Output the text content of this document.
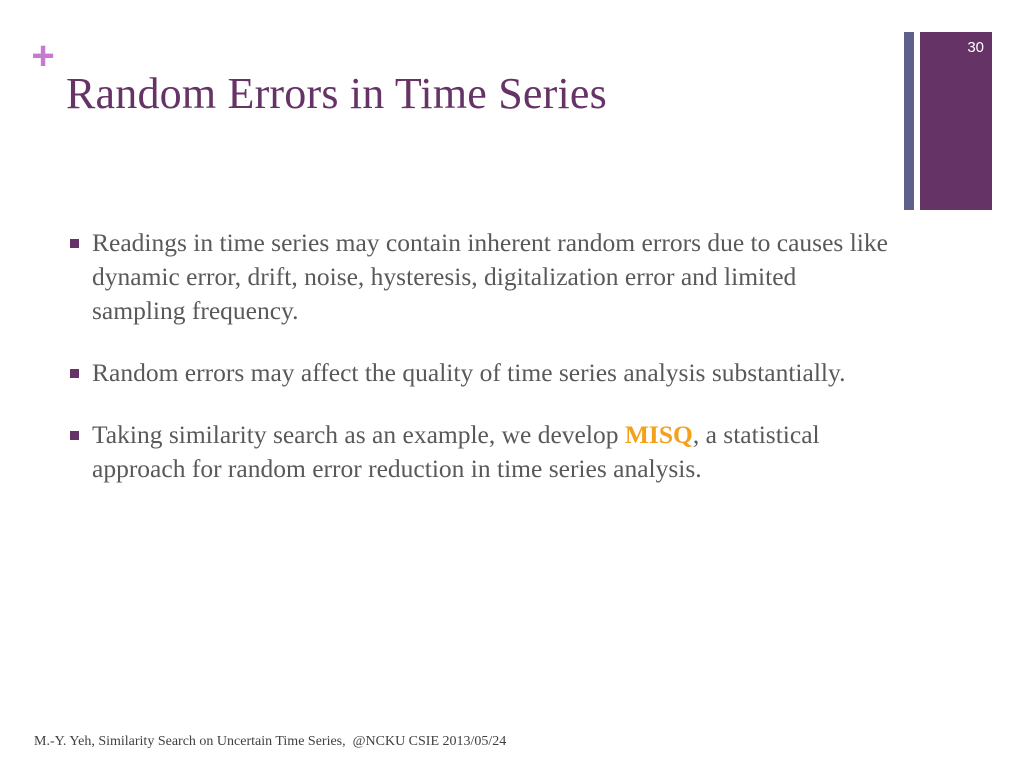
+
Random Errors in Time Series
30
Readings in time series may contain inherent random errors due to causes like dynamic error, drift, noise, hysteresis, digitalization error and limited sampling frequency.
Random errors may affect the quality of time series analysis substantially.
Taking similarity search as an example, we develop MISQ, a statistical approach for random error reduction in time series analysis.
M.-Y. Yeh, Similarity Search on Uncertain Time Series,  @NCKU CSIE 2013/05/24
